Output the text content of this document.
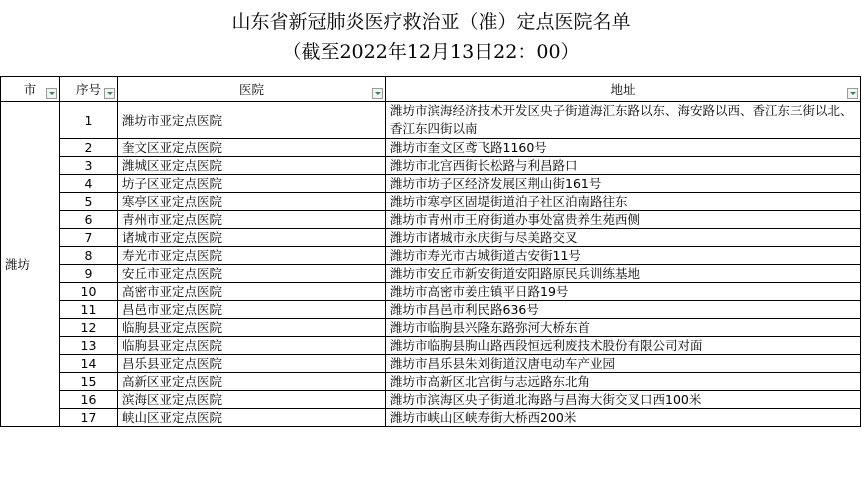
山东省新冠肺炎医疗救治亚（准）定点医院名单
（截至2022年12月13日22：00）
市	序号	医院	地址

潍坊	1	潍坊市亚定点医院	潍坊市滨海经济技术开发区央子街道海汇东路以东、海安路以西、香江东三街以北、香江东四街以南
	2	奎文区亚定点医院	潍坊市奎文区鸢飞路1160号
	3	潍城区亚定点医院	潍坊市北宫西街长松路与利昌路口
	4	坊子区亚定点医院	潍坊市坊子区经济发展区荆山街161号
	5	寒亭区亚定点医院	潍坊市寒亭区固堤街道泊子社区泊南路往东
	6	青州市亚定点医院	潍坊市青州市王府街道办事处富贵养生苑西侧
	7	诸城市亚定点医院	潍坊市诸城市永庆街与尽美路交叉
	8	寿光市亚定点医院	潍坊市寿光市古城街道古安街11号
	9	安丘市亚定点医院	潍坊市安丘市新安街道安阳路原民兵训练基地
	10	高密市亚定点医院	潍坊市高密市姜庄镇平日路19号
	11	昌邑市亚定点医院	潍坊市昌邑市利民路636号
	12	临朐县亚定点医院	潍坊市临朐县兴隆东路弥河大桥东首
	13	临朐县亚定点医院	潍坊市临朐县朐山路西段恒远利废技术股份有限公司对面
	14	昌乐县亚定点医院	潍坊市昌乐县朱刘街道汉唐电动车产业园
	15	高新区亚定点医院	潍坊市高新区北宫街与志远路东北角
	16	滨海区亚定点医院	潍坊市滨海区央子街道北海路与昌海大街交叉口西100米
	17	峡山区亚定点医院	潍坊市峡山区峡寿街大桥西200米
